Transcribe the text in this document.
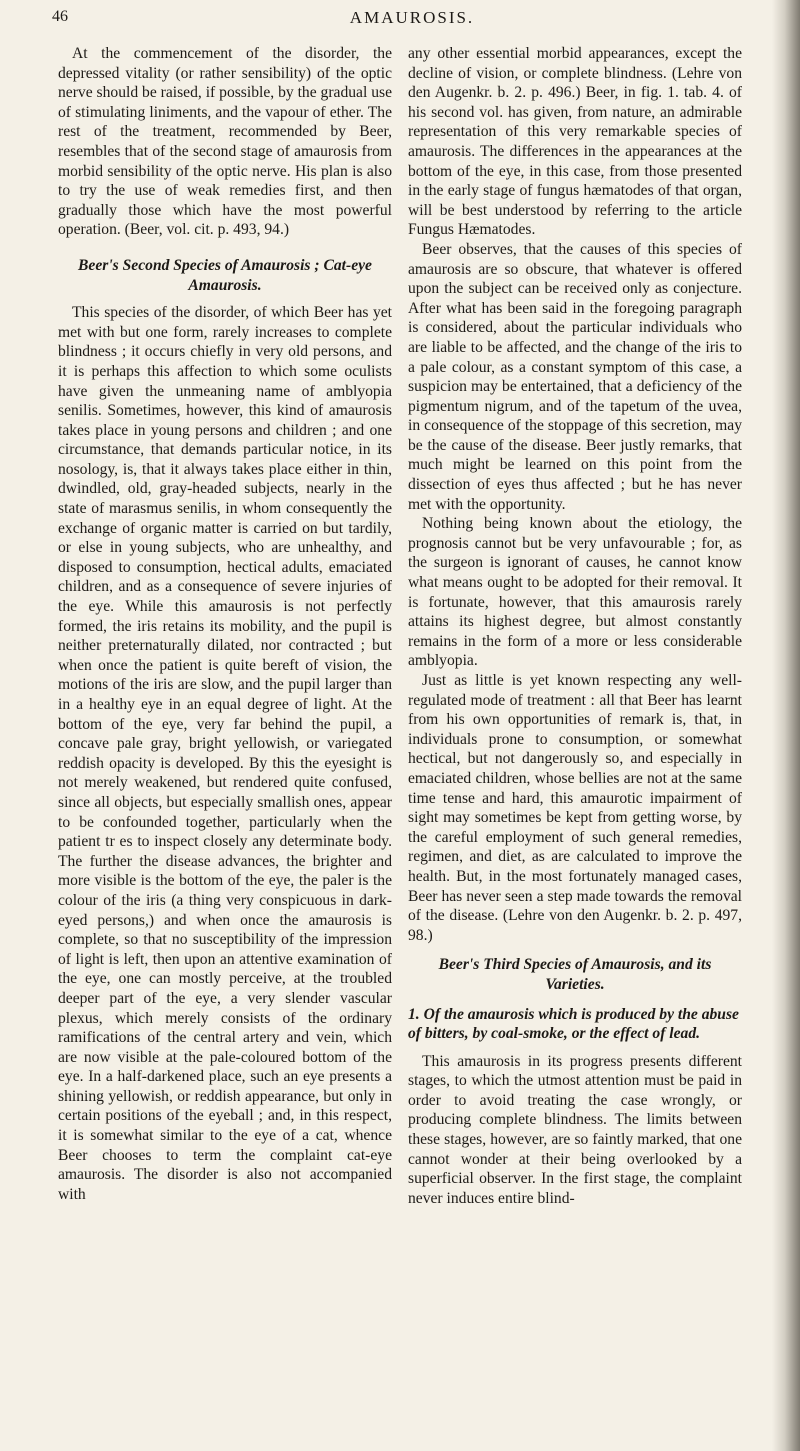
46	AMAUROSIS.

At the commencement of the disorder, the depressed vitality (or rather sensibility) of the optic nerve should be raised, if possible, by the gradual use of stimulating liniments, and the vapour of ether. The rest of the treatment, recommended by Beer, resembles that of the second stage of amaurosis from morbid sensibility of the optic nerve. His plan is also to try the use of weak remedies first, and then gradually those which have the most powerful operation. (Beer, vol. cit. p. 493, 94.)

Beer's Second Species of Amaurosis ; Cat-eye Amaurosis.

This species of the disorder, of which Beer has yet met with but one form, rarely increases to complete blindness ; it occurs chiefly in very old persons, and it is perhaps this affection to which some oculists have given the unmeaning name of amblyopia senilis. Sometimes, however, this kind of amaurosis takes place in young persons and children ; and one circumstance, that demands particular notice, in its nosology, is, that it always takes place either in thin, dwindled, old, gray-headed subjects, nearly in the state of marasmus senilis, in whom consequently the exchange of organic matter is carried on but tardily, or else in young subjects, who are unhealthy, and disposed to consumption, hectical adults, emaciated children, and as a consequence of severe injuries of the eye. While this amaurosis is not perfectly formed, the iris retains its mobility, and the pupil is neither preternaturally dilated, nor contracted ; but when once the patient is quite bereft of vision, the motions of the iris are slow, and the pupil larger than in a healthy eye in an equal degree of light. At the bottom of the eye, very far behind the pupil, a concave pale gray, bright yellowish, or variegated reddish opacity is developed. By this the eyesight is not merely weakened, but rendered quite confused, since all objects, but especially smallish ones, appear to be confounded together, particularly when the patient tr es to inspect closely any determinate body. The further the disease advances, the brighter and more visible is the bottom of the eye, the paler is the colour of the iris (a thing very conspicuous in dark-eyed persons,) and when once the amaurosis is complete, so that no susceptibility of the impression of light is left, then upon an attentive examination of the eye, one can mostly perceive, at the troubled deeper part of the eye, a very slender vascular plexus, which merely consists of the ordinary ramifications of the central artery and vein, which are now visible at the pale-coloured bottom of the eye. In a half-darkened place, such an eye presents a shining yellowish, or reddish appearance, but only in certain positions of the eyeball ; and, in this respect, it is somewhat similar to the eye of a cat, whence Beer chooses to term the complaint cat-eye amaurosis. The disorder is also not accompanied with

any other essential morbid appearances, except the decline of vision, or complete blindness. (Lehre von den Augenkr. b. 2. p. 496.) Beer, in fig. 1. tab. 4. of his second vol. has given, from nature, an admirable representation of this very remarkable species of amaurosis. The differences in the appearances at the bottom of the eye, in this case, from those presented in the early stage of fungus hæmatodes of that organ, will be best understood by referring to the article Fungus Hæmatodes.

Beer observes, that the causes of this species of amaurosis are so obscure, that whatever is offered upon the subject can be received only as conjecture. After what has been said in the foregoing paragraph is considered, about the particular individuals who are liable to be affected, and the change of the iris to a pale colour, as a constant symptom of this case, a suspicion may be entertained, that a deficiency of the pigmentum nigrum, and of the tapetum of the uvea, in consequence of the stoppage of this secretion, may be the cause of the disease. Beer justly remarks, that much might be learned on this point from the dissection of eyes thus affected ; but he has never met with the opportunity.

Nothing being known about the etiology, the prognosis cannot but be very unfavourable ; for, as the surgeon is ignorant of causes, he cannot know what means ought to be adopted for their removal. It is fortunate, however, that this amaurosis rarely attains its highest degree, but almost constantly remains in the form of a more or less considerable amblyopia.

Just as little is yet known respecting any well-regulated mode of treatment : all that Beer has learnt from his own opportunities of remark is, that, in individuals prone to consumption, or somewhat hectical, but not dangerously so, and especially in emaciated children, whose bellies are not at the same time tense and hard, this amaurotic impairment of sight may sometimes be kept from getting worse, by the careful employment of such general remedies, regimen, and diet, as are calculated to improve the health. But, in the most fortunately managed cases, Beer has never seen a step made towards the removal of the disease. (Lehre von den Augenkr. b. 2. p. 497, 98.)

Beer's Third Species of Amaurosis, and its Varieties.

1. Of the amaurosis which is produced by the abuse of bitters, by coal-smoke, or the effect of lead.

This amaurosis in its progress presents different stages, to which the utmost attention must be paid in order to avoid treating the case wrongly, or producing complete blindness. The limits between these stages, however, are so faintly marked, that one cannot wonder at their being overlooked by a superficial observer. In the first stage, the complaint never induces entire blind-
